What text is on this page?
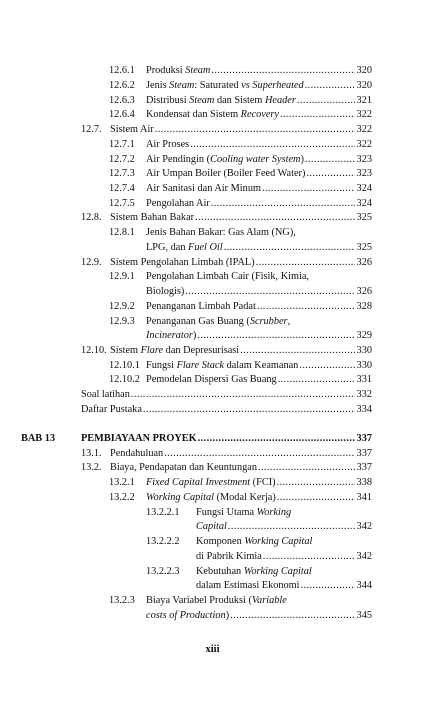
12.6.1	Produksi Steam .....	320
12.6.2	Jenis Steam: Saturated vs Superheated .....	320
12.6.3	Distribusi Steam dan Sistem Header .....	321
12.6.4	Kondensat dan Sistem Recovery .....	322
12.7. Sistem Air .....	322
12.7.1	Air Proses .....	322
12.7.2	Air Pendingin (Cooling water System) .....	323
12.7.3	Air Umpan Boiler (Boiler Feed Water) .....	323
12.7.4	Air Sanitasi dan Air Minum .....	324
12.7.5	Pengolahan Air .....	324
12.8. Sistem Bahan Bakar .....	325
12.8.1 Jenis Bahan Bakar: Gas Alam (NG),
LPG, dan Fuel Oil .....	325
12.9. Sistem Pengolahan Limbah (IPAL) .....	326
12.9.1 Pengolahan Limbah Cair (Fisik, Kimia,
Biologis) .....	326
12.9.2	Penanganan Limbah Padat .....	328
12.9.3 Penanganan Gas Buang (Scrubber,
Incinerator) .....	329
12.10. Sistem Flare dan Depresurisasi .....	330
12.10.1 Fungsi Flare Stack dalam Keamanan .....	330
12.10.2 Pemodelan Dispersi Gas Buang .....	331
Soal latihan .....	332
Daftar Pustaka .....	334
BAB 13	PEMBIAYAAN PROYEK .....	337
13.1. Pendahuluan .....	337
13.2. Biaya, Pendapatan dan Keuntungan .....	337
13.2.1	Fixed Capital Investment (FCI) .....	338
13.2.2	Working Capital (Modal Kerja) .....	341
13.2.2.1 Fungsi Utama Working
Capital .....	342
13.2.2.2 Komponen Working Capital
di Pabrik Kimia .....	342
13.2.2.3 Kebutuhan Working Capital
dalam Estimasi Ekonomi .....	344
13.2.3 Biaya Variabel Produksi (Variable
costs of Production) .....	345
xiii
